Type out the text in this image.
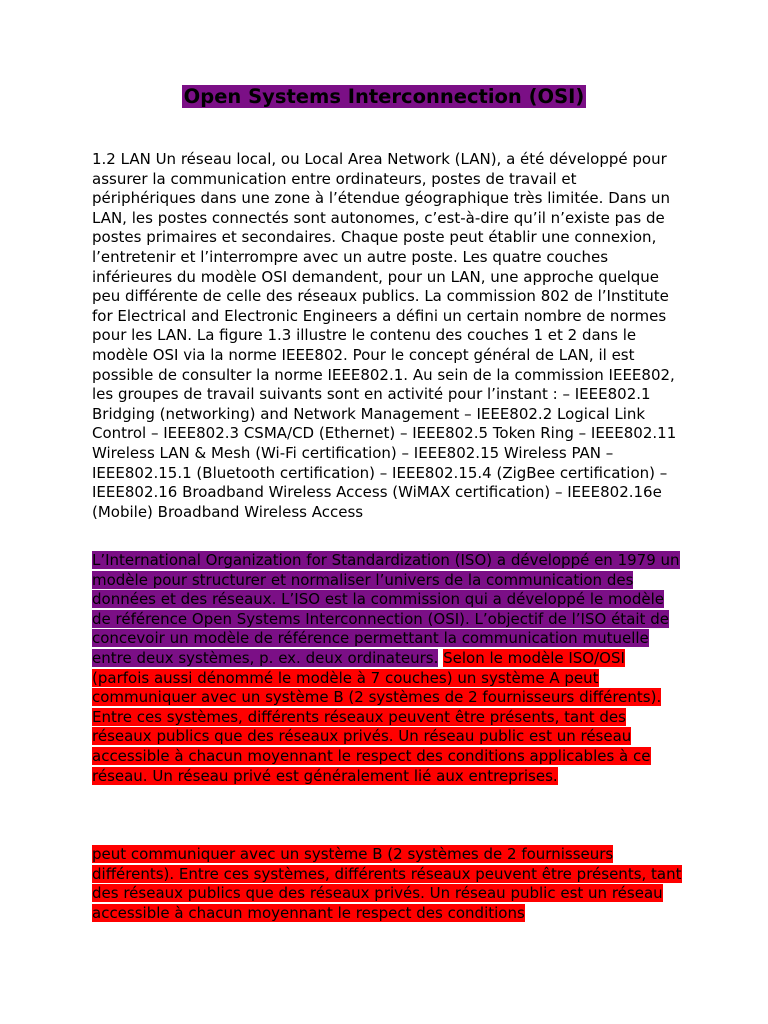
Open Systems Interconnection (OSI)

1.2 LAN Un réseau local, ou Local Area Network (LAN), a été développé pour assurer la communication entre ordinateurs, postes de travail et périphériques dans une zone à l’étendue géographique très limitée. Dans un LAN, les postes connectés sont autonomes, c’est-à-dire qu’il n’existe pas de postes primaires et secondaires. Chaque poste peut établir une connexion, l’entretenir et l’interrompre avec un autre poste. Les quatre couches inférieures du modèle OSI demandent, pour un LAN, une approche quelque peu différente de celle des réseaux publics. La commission 802 de l’Institute for Electrical and Electronic Engineers a défini un certain nombre de normes pour les LAN. La figure 1.3 illustre le contenu des couches 1 et 2 dans le modèle OSI via la norme IEEE802. Pour le concept général de LAN, il est possible de consulter la norme IEEE802.1. Au sein de la commission IEEE802, les groupes de travail suivants sont en activité pour l’instant : – IEEE802.1 Bridging (networking) and Network Management – IEEE802.2 Logical Link Control – IEEE802.3 CSMA/CD (Ethernet) – IEEE802.5 Token Ring – IEEE802.11 Wireless LAN & Mesh (Wi-Fi certification) – IEEE802.15 Wireless PAN – IEEE802.15.1 (Bluetooth certification) – IEEE802.15.4 (ZigBee certification) – IEEE802.16 Broadband Wireless Access (WiMAX certification) – IEEE802.16e (Mobile) Broadband Wireless Access

L’International Organization for Standardization (ISO) a développé en 1979 un modèle pour structurer et normaliser l’univers de la communication des données et des réseaux. L’ISO est la commission qui a développé le modèle de référence Open Systems Interconnection (OSI). L’objectif de l’ISO était de concevoir un modèle de référence permettant la communication mutuelle entre deux systèmes, p. ex. deux ordinateurs. Selon le modèle ISO/OSI (parfois aussi dénommé le modèle à 7 couches) un système A peut communiquer avec un système B (2 systèmes de 2 fournisseurs différents). Entre ces systèmes, différents réseaux peuvent être présents, tant des réseaux publics que des réseaux privés. Un réseau public est un réseau accessible à chacun moyennant le respect des conditions applicables à ce réseau. Un réseau privé est généralement lié aux entreprises.

peut communiquer avec un système B (2 systèmes de 2 fournisseurs différents). Entre ces systèmes, différents réseaux peuvent être présents, tant des réseaux publics que des réseaux privés. Un réseau public est un réseau accessible à chacun moyennant le respect des conditions
